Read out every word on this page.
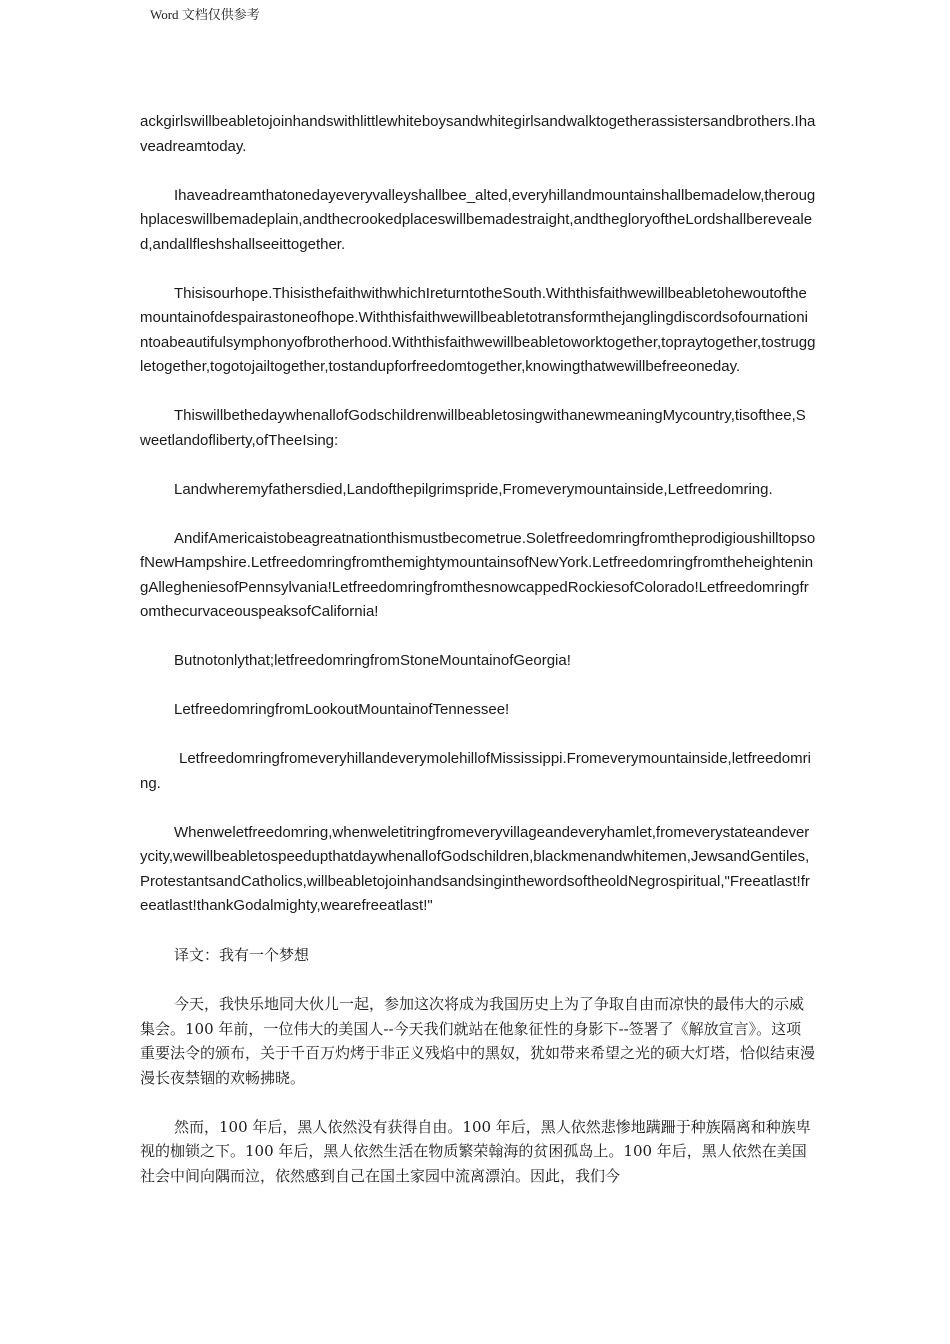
Word 文档仅供参考

ackgirlswillbeabletojoinhandswithlittlewhiteboysandwhitegirlsandwalktogetherassistersandbrothers.Ihaveadreamtoday.

Ihaveadreamthatonedayeveryvalleyshallbee_alted,everyhillandmountainshallbemadelow,theroughplaceswillbemadeplain,andthecrookedplaceswillbemadestraight,andthegloryoftheLordshallberevealed,andallfleshshallseeittogether.

Thisisourhope.ThisisthefaithwithwhichIreturntotheSouth.Withthisfaithwewillbeabletohewoutofthemountainofdespairastoneofhope.Withthisfaithwewillbeabletotransformthejanglingdiscordsofournationintoabeautifulsymphonyofbrotherhood.Withthisfaithwewillbeabletoworktogether,topraytogether,tostruggletogether,togotojailtogether,tostandupforfreedomtogether,knowingthatwewillbefreeoneday.

ThiswillbethedaywhenallofGodschildrenwillbeabletosingwithanewmeaningMycountry,tisofthee,Sweetlandofliberty,ofTheeIsing:

Landwheremyfathersdied,Landofthepilgrimspride,Fromeverymountainside,Letfreedomring.

AndifAmericaistobeagreatnationthismustbecometrue.SoletfreedomringfromtheprodigioushilltopsofNewHampshire.LetfreedomringfromthemightymountainsofNewYork.LetfreedomringfromtheheighteningAllegheniesofPennsylvania!LetfreedomringfromthesnowcappedRockiesofColorado!LetfreedomringfromthecurvaceouspeaksofCalifornia!

Butnotonlythat;letfreedomringfromStoneMountainofGeorgia!

LetfreedomringfromLookoutMountainofTennessee!

LetfreedomringfromeveryhillandeverymolehillofMississippi.Fromeverymountainside,letfreedomring.

Whenweletfreedomring,whenweletitringfromeveryvillageandeveryhamlet,fromeverystateandeverycity,wewillbeabletospeedupthatdaywhenallofGodschildren,blackmenandwhitemen,JewsandGentiles,ProtestantsandCatholics,willbeabletojoinhandsandsinginthewordsoftheoldNegrospiritual,"Freeatlast!freeatlast!thankGodalmighty,wearefreeatlast!"

译文：我有一个梦想

今天，我快乐地同大伙儿一起，参加这次将成为我国历史上为了争取自由而凉快的最伟大的示威集会。100 年前，一位伟大的美国人--今天我们就站在他象征性的身影下--签署了《解放宣言》。这项重要法令的颁布，关于千百万灼烤于非正义残焰中的黑奴，犹如带来希望之光的硕大灯塔，恰似结束漫漫长夜禁锢的欢畅拂晓。

然而，100 年后，黑人依然没有获得自由。100 年后，黑人依然悲惨地蹒跚于种族隔离和种族卑视的枷锁之下。100 年后，黑人依然生活在物质繁荣翰海的贫困孤岛上。100 年后，黑人依然在美国社会中间向隅而泣，依然感到自己在国土家园中流离漂泊。因此，我们今
